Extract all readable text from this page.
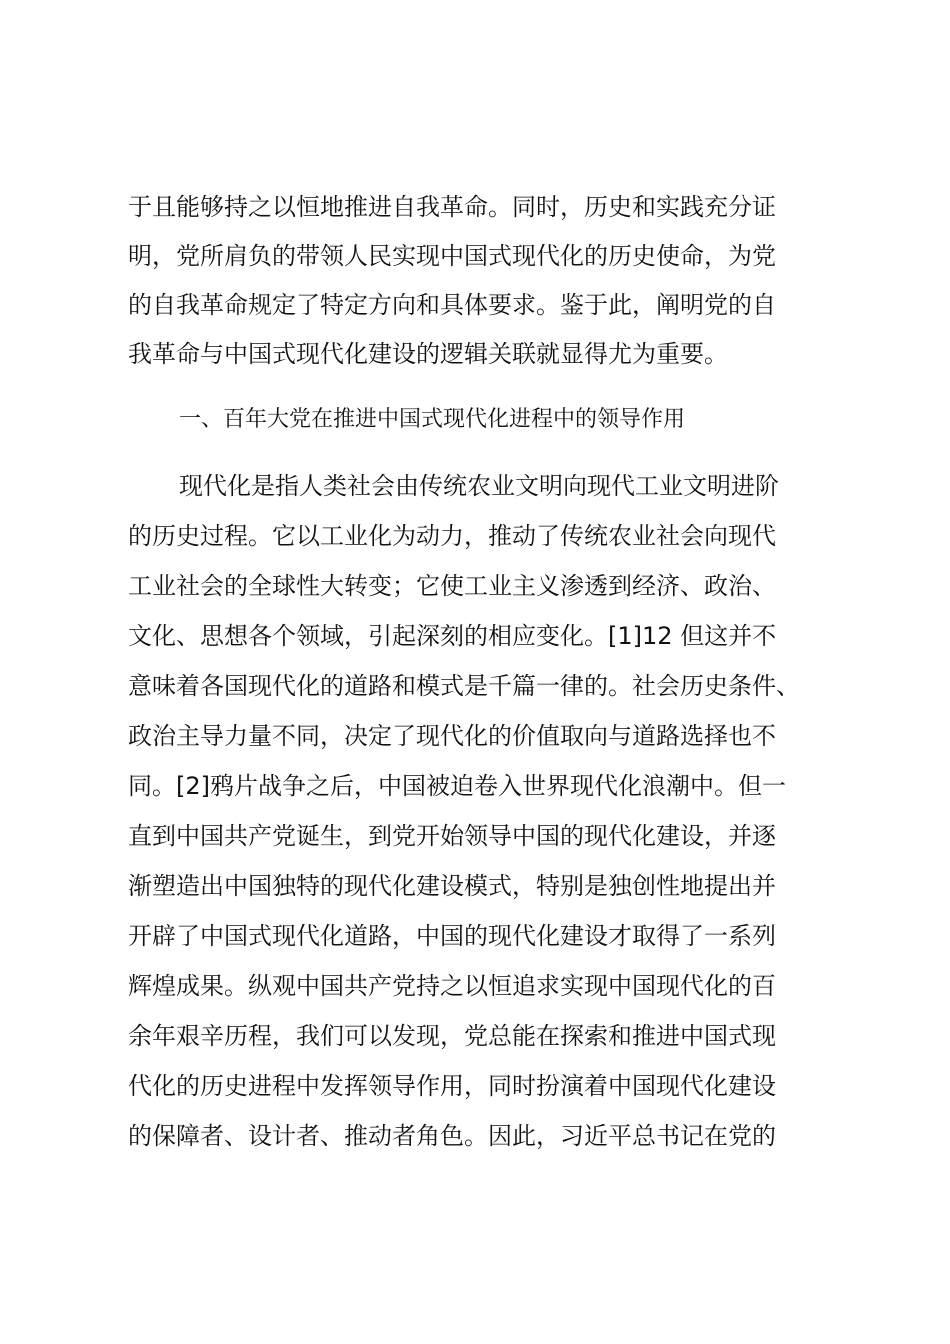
于且能够持之以恒地推进自我革命。同时，历史和实践充分证
明，党所肩负的带领人民实现中国式现代化的历史使命，为党
的自我革命规定了特定方向和具体要求。鉴于此，阐明党的自
我革命与中国式现代化建设的逻辑关联就显得尤为重要。
一、百年大党在推进中国式现代化进程中的领导作用
现代化是指人类社会由传统农业文明向现代工业文明进阶
的历史过程。它以工业化为动力，推动了传统农业社会向现代
工业社会的全球性大转变；它使工业主义渗透到经济、政治、
文化、思想各个领域，引起深刻的相应变化。[1]12 但这并不
意味着各国现代化的道路和模式是千篇一律的。社会历史条件、
政治主导力量不同，决定了现代化的价值取向与道路选择也不
同。[2]鸦片战争之后，中国被迫卷入世界现代化浪潮中。但一
直到中国共产党诞生，到党开始领导中国的现代化建设，并逐
渐塑造出中国独特的现代化建设模式，特别是独创性地提出并
开辟了中国式现代化道路，中国的现代化建设才取得了一系列
辉煌成果。纵观中国共产党持之以恒追求实现中国现代化的百
余年艰辛历程，我们可以发现，党总能在探索和推进中国式现
代化的历史进程中发挥领导作用，同时扮演着中国现代化建设
的保障者、设计者、推动者角色。因此，习近平总书记在党的
